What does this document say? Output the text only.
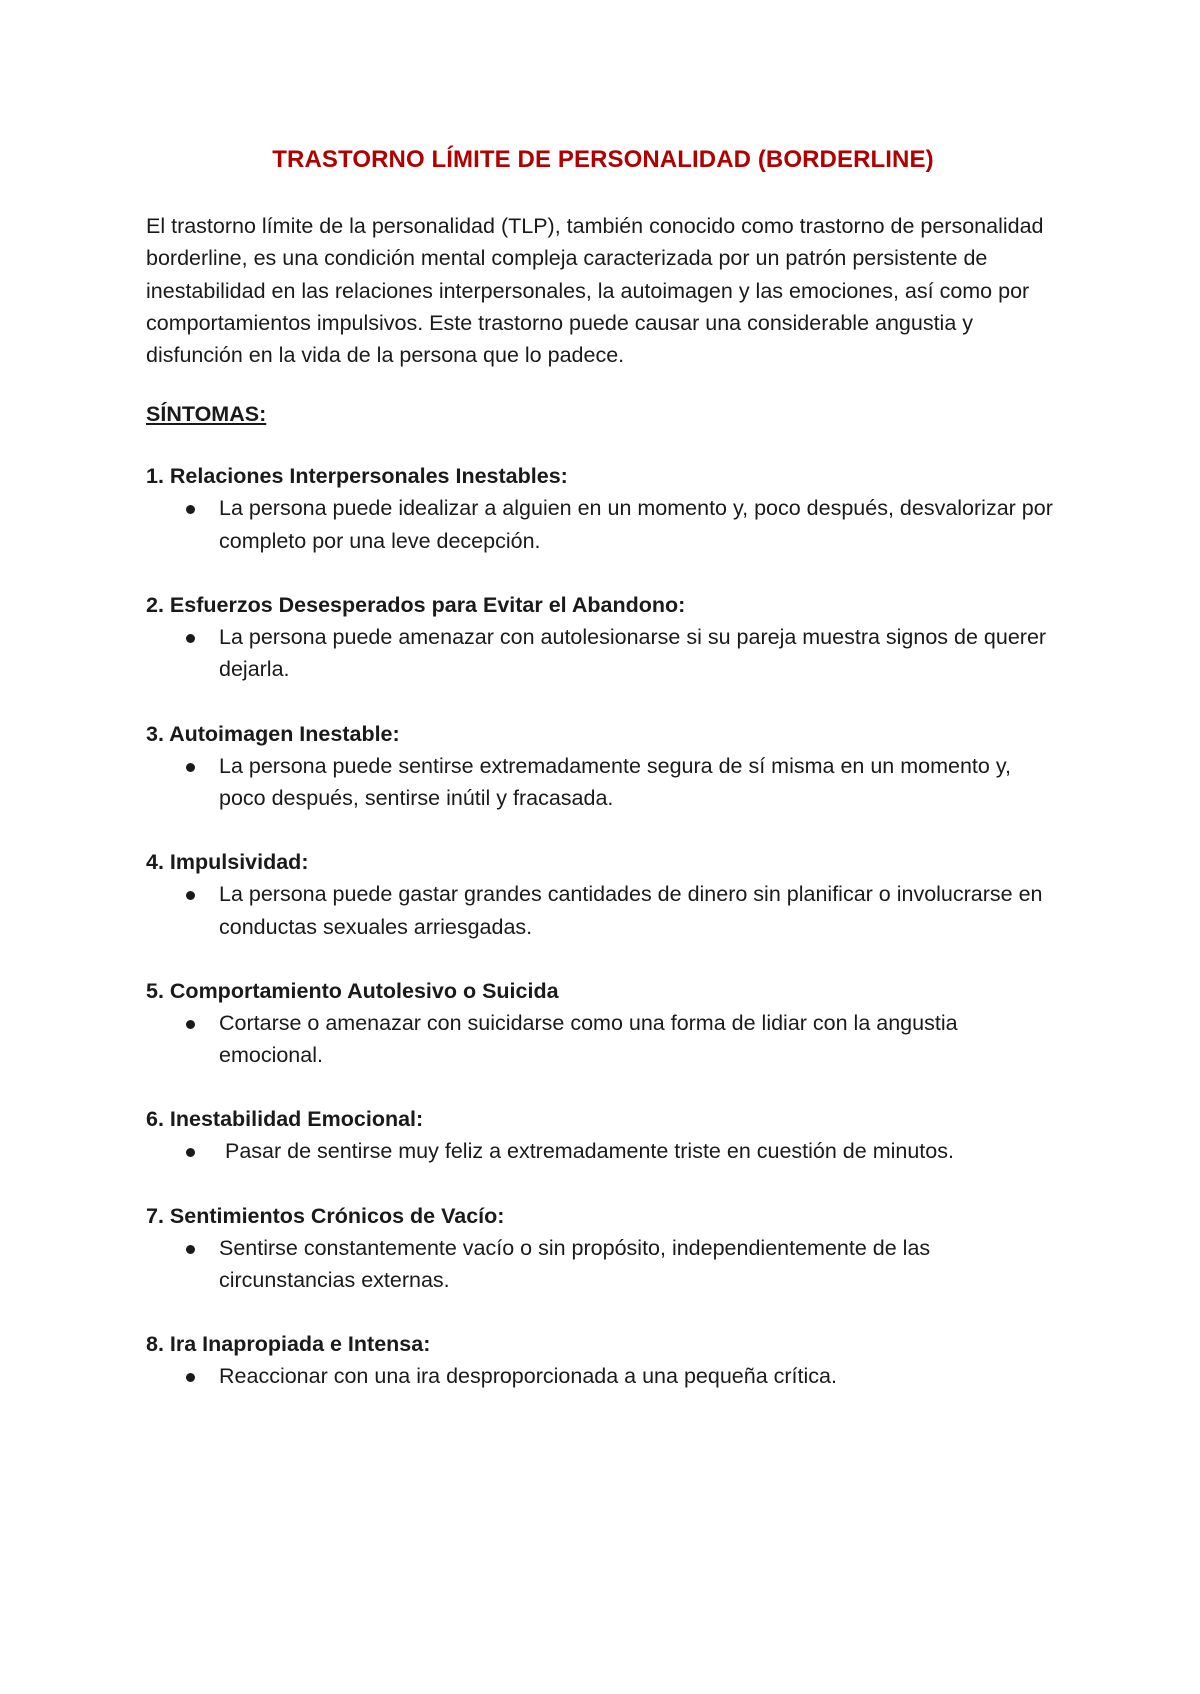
TRASTORNO LÍMITE DE PERSONALIDAD (BORDERLINE)

El trastorno límite de la personalidad (TLP), también conocido como trastorno de personalidad borderline, es una condición mental compleja caracterizada por un patrón persistente de inestabilidad en las relaciones interpersonales, la autoimagen y las emociones, así como por comportamientos impulsivos. Este trastorno puede causar una considerable angustia y disfunción en la vida de la persona que lo padece.

SÍNTOMAS:

1. Relaciones Interpersonales Inestables:

La persona puede idealizar a alguien en un momento y, poco después, desvalorizar por completo por una leve decepción.

2. Esfuerzos Desesperados para Evitar el Abandono:

La persona puede amenazar con autolesionarse si su pareja muestra signos de querer dejarla.

3. Autoimagen Inestable:

La persona puede sentirse extremadamente segura de sí misma en un momento y, poco después, sentirse inútil y fracasada.

4. Impulsividad:

La persona puede gastar grandes cantidades de dinero sin planificar o involucrarse en conductas sexuales arriesgadas.

5. Comportamiento Autolesivo o Suicida

Cortarse o amenazar con suicidarse como una forma de lidiar con la angustia emocional.

6. Inestabilidad Emocional:

Pasar de sentirse muy feliz a extremadamente triste en cuestión de minutos.

7. Sentimientos Crónicos de Vacío:

Sentirse constantemente vacío o sin propósito, independientemente de las circunstancias externas.

8. Ira Inapropiada e Intensa:

Reaccionar con una ira desproporcionada a una pequeña crítica.
